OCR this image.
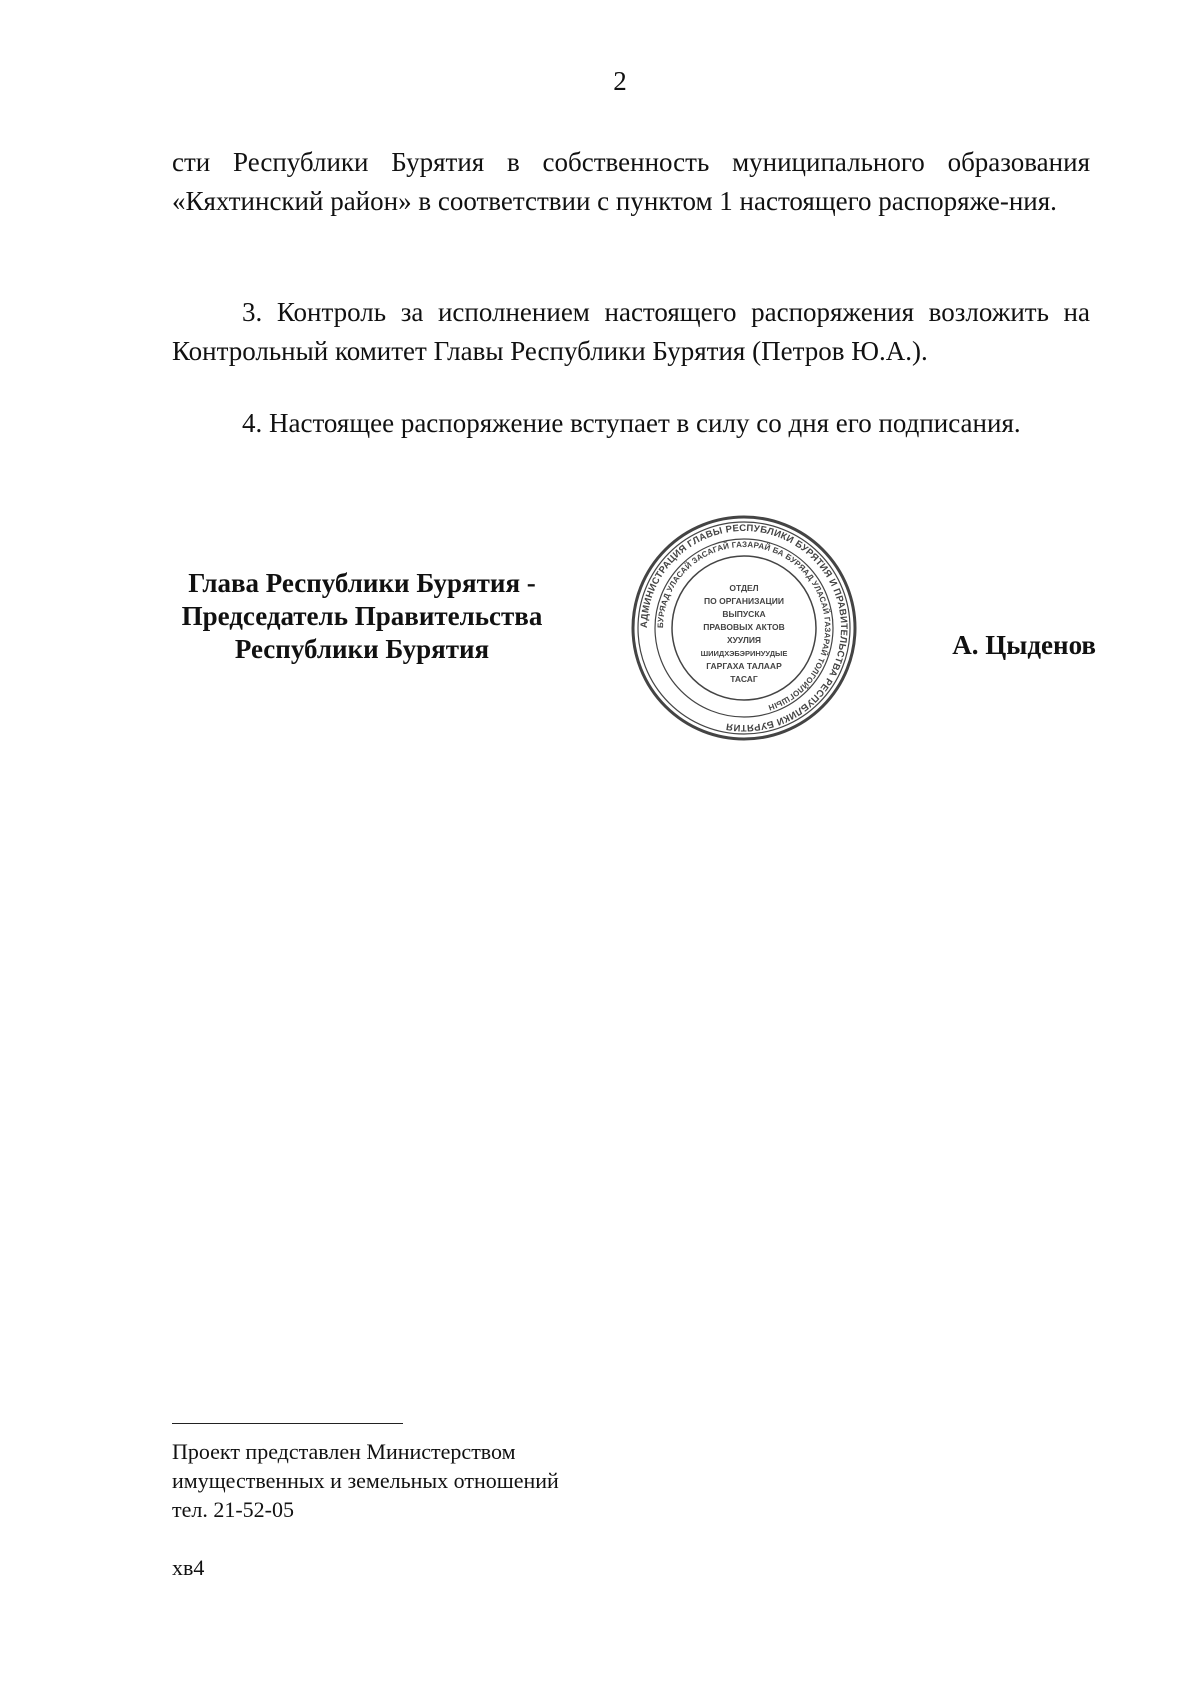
2
сти Республики Бурятия в собственность муниципального образования «Кяхтинский район» в соответствии с пунктом 1 настоящего распоряже-ния.
3. Контроль за исполнением настоящего распоряжения возложить на Контрольный комитет Главы Республики Бурятия (Петров Ю.А.).
4. Настоящее распоряжение вступает в силу со дня его подписания.
Глава Республики Бурятия -
Председатель Правительства
Республики Бурятия
АДМИНИСТРАЦИЯ ГЛАВЫ РЕСПУБЛИКИ БУРЯТИЯ И ПРАВИТЕЛЬСТВА РЕСПУБЛИКИ БУРЯТИЯ
БУРЯАД УЛАСАЙ ЗАСАГАЙ ГАЗАРАЙ БА БУРЯАД УЛАСАЙ ГАЗАРАЙ ТОЛГОЙЛОГШЫН
ОТДЕЛ
ПО ОРГАНИЗАЦИИ
ВЫПУСКА
ПРАВОВЫХ АКТОВ
ХУУЛИЯ
ШИИДХЭБЭРИНУУДЫЕ
ГАРГАХА ТАЛААР
ТАСАГ
А. Цыденов
Проект представлен Министерством
имущественных и земельных отношений
тел. 21-52-05
хв4
